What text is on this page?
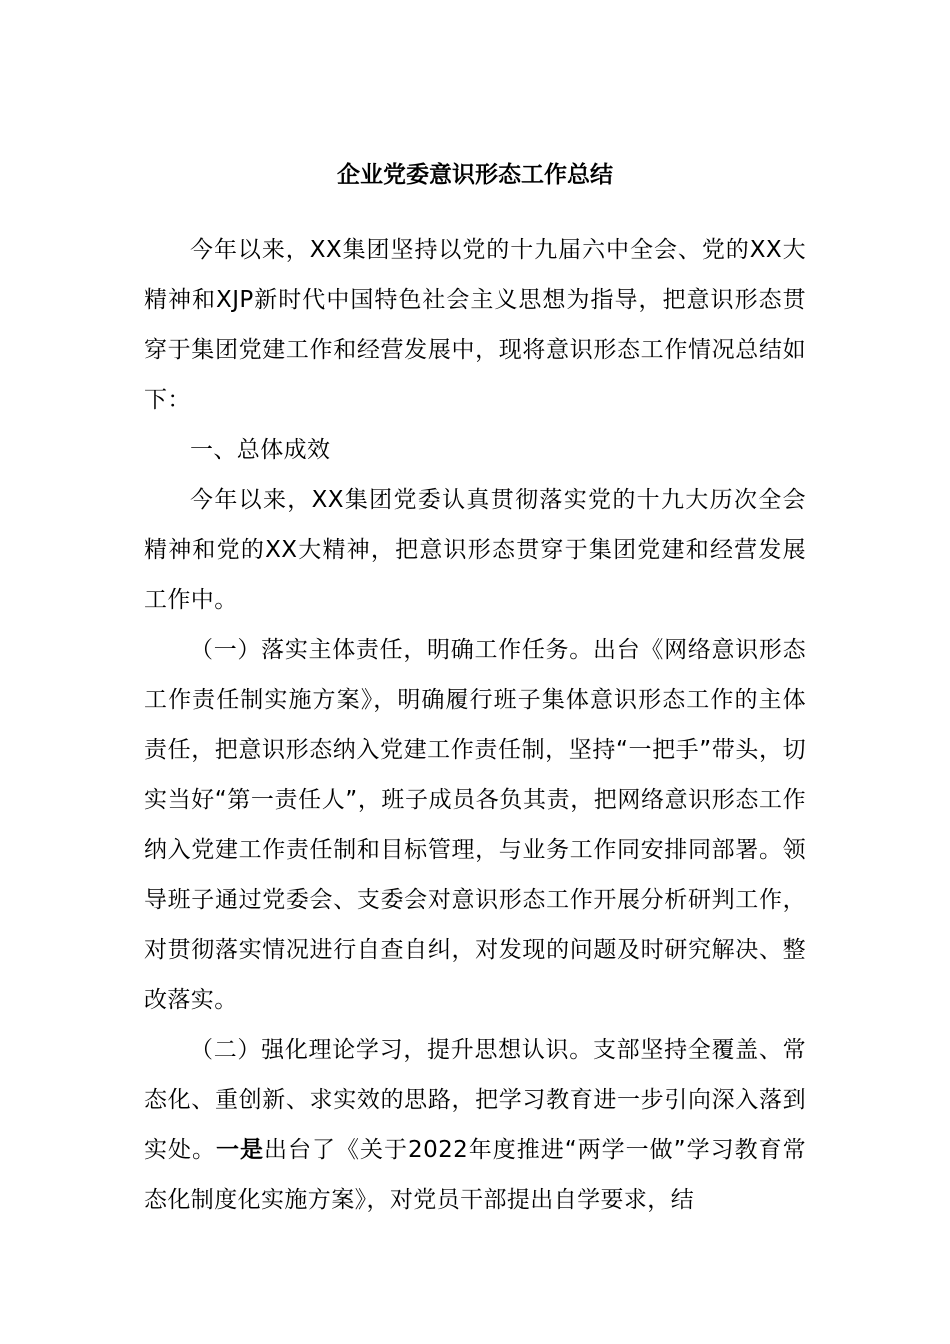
企业党委意识形态工作总结

今年以来，XX集团坚持以党的十九届六中全会、党的XX大精神和XJP新时代中国特色社会主义思想为指导，把意识形态贯穿于集团党建工作和经营发展中，现将意识形态工作情况总结如下：

一、总体成效

今年以来，XX集团党委认真贯彻落实党的十九大历次全会精神和党的XX大精神，把意识形态贯穿于集团党建和经营发展工作中。

（一）落实主体责任，明确工作任务。出台《网络意识形态工作责任制实施方案》，明确履行班子集体意识形态工作的主体责任，把意识形态纳入党建工作责任制，坚持“一把手”带头，切实当好“第一责任人”，班子成员各负其责，把网络意识形态工作纳入党建工作责任制和目标管理，与业务工作同安排同部署。领导班子通过党委会、支委会对意识形态工作开展分析研判工作，对贯彻落实情况进行自查自纠，对发现的问题及时研究解决、整改落实。

（二）强化理论学习，提升思想认识。支部坚持全覆盖、常态化、重创新、求实效的思路，把学习教育进一步引向深入落到实处。一是出台了《关于2022年度推进“两学一做”学习教育常态化制度化实施方案》，对党员干部提出自学要求，结
